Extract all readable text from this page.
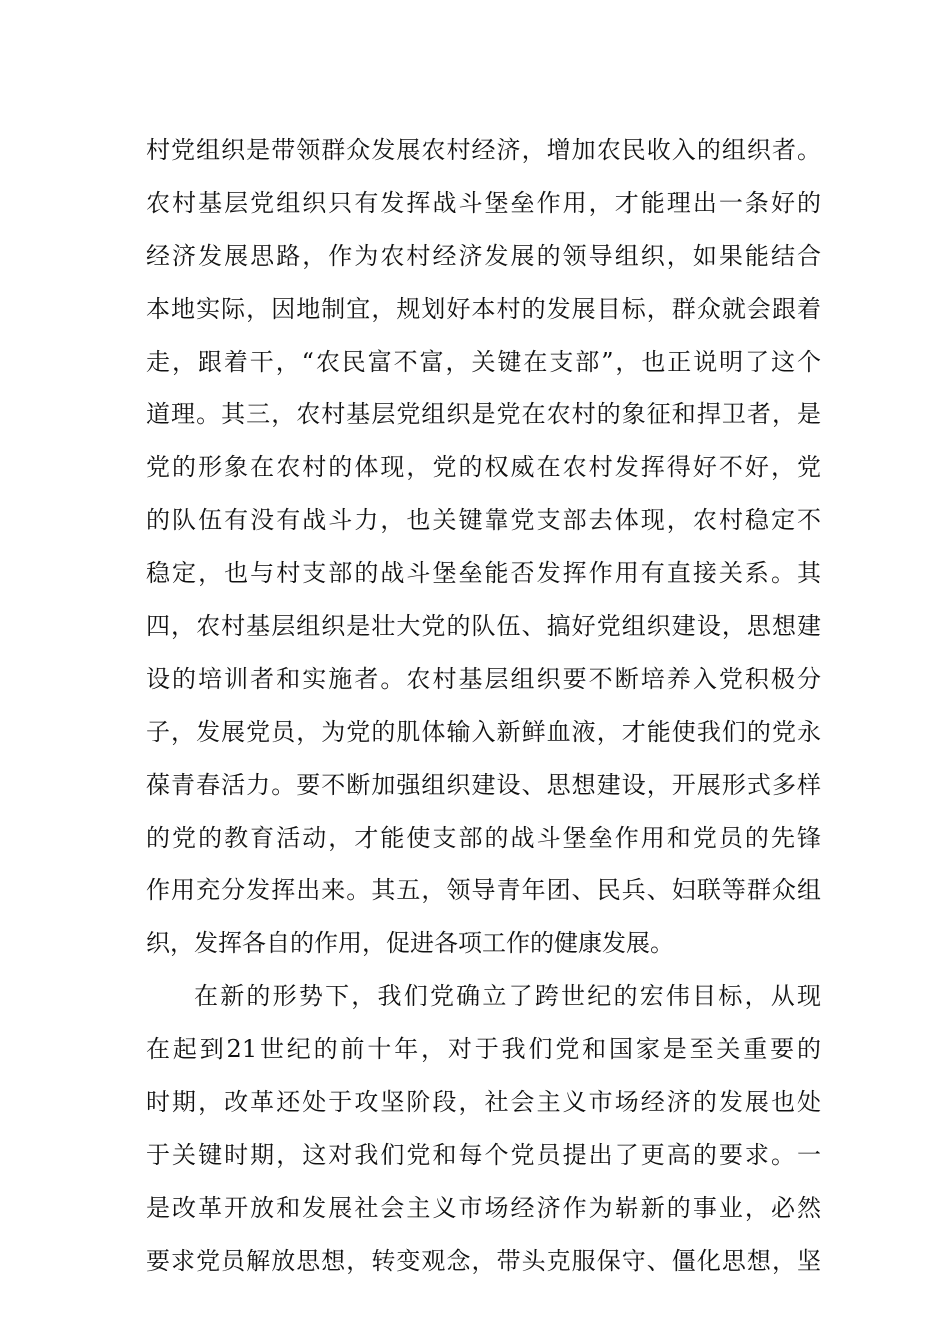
村党组织是带领群众发展农村经济，增加农民收入的组织者。
农村基层党组织只有发挥战斗堡垒作用，才能理出一条好的
经济发展思路，作为农村经济发展的领导组织，如果能结合
本地实际，因地制宜，规划好本村的发展目标，群众就会跟着
走，跟着干，“农民富不富，关键在支部”，也正说明了这个
道理。其三，农村基层党组织是党在农村的象征和捍卫者，是
党的形象在农村的体现，党的权威在农村发挥得好不好，党
的队伍有没有战斗力，也关键靠党支部去体现，农村稳定不
稳定，也与村支部的战斗堡垒能否发挥作用有直接关系。其
四，农村基层组织是壮大党的队伍、搞好党组织建设，思想建
设的培训者和实施者。农村基层组织要不断培养入党积极分
子，发展党员，为党的肌体输入新鲜血液，才能使我们的党永
葆青春活力。要不断加强组织建设、思想建设，开展形式多样
的党的教育活动，才能使支部的战斗堡垒作用和党员的先锋
作用充分发挥出来。其五，领导青年团、民兵、妇联等群众组
织，发挥各自的作用，促进各项工作的健康发展。
在新的形势下，我们党确立了跨世纪的宏伟目标，从现
在起到21世纪的前十年，对于我们党和国家是至关重要的
时期，改革还处于攻坚阶段，社会主义市场经济的发展也处
于关键时期，这对我们党和每个党员提出了更高的要求。一
是改革开放和发展社会主义市场经济作为崭新的事业，必然
要求党员解放思想，转变观念，带头克服保守、僵化思想，坚
